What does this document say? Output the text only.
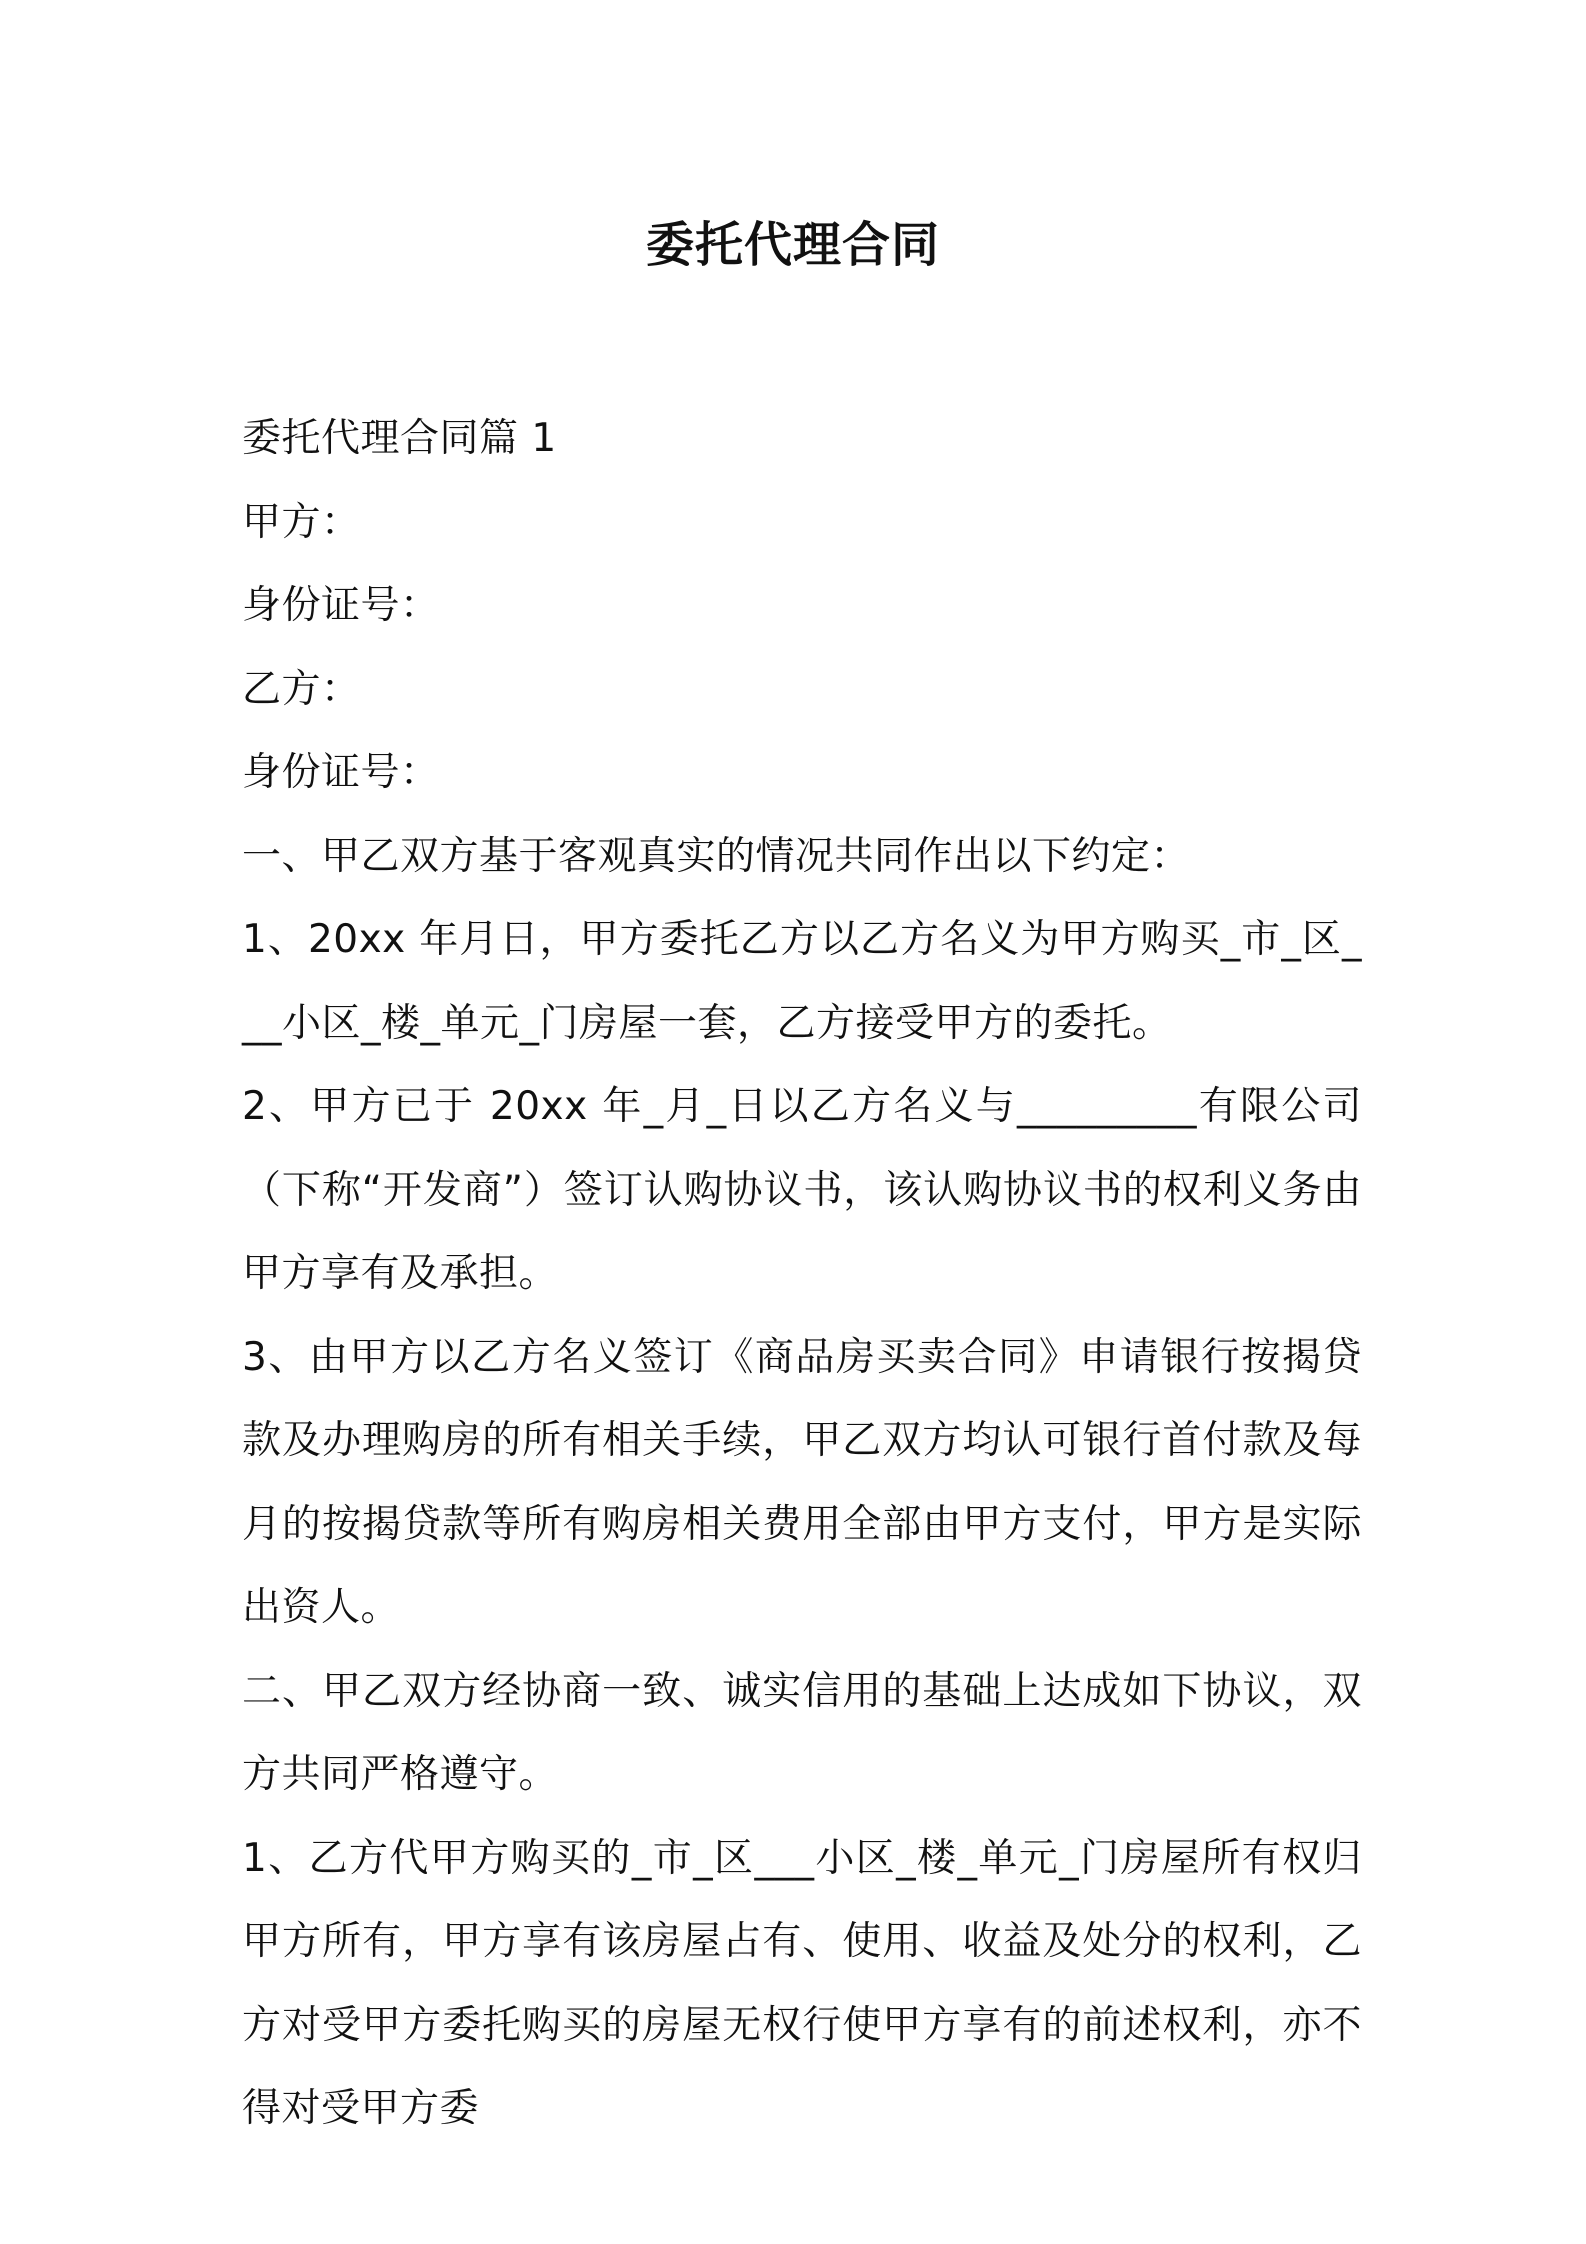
委托代理合同

委托代理合同篇 1

甲方：

身份证号：

乙方：

身份证号：

一、甲乙双方基于客观真实的情况共同作出以下约定：

1、20xx 年月日，甲方委托乙方以乙方名义为甲方购买_市_区___小区_楼_单元_门房屋一套，乙方接受甲方的委托。

2、甲方已于 20xx 年_月_日以乙方名义与_________有限公司（下称“开发商”）签订认购协议书，该认购协议书的权利义务由甲方享有及承担。

3、由甲方以乙方名义签订《商品房买卖合同》申请银行按揭贷款及办理购房的所有相关手续，甲乙双方均认可银行首付款及每月的按揭贷款等所有购房相关费用全部由甲方支付，甲方是实际出资人。

二、甲乙双方经协商一致、诚实信用的基础上达成如下协议，双方共同严格遵守。

1、乙方代甲方购买的_市_区___小区_楼_单元_门房屋所有权归甲方所有，甲方享有该房屋占有、使用、收益及处分的权利，乙方对受甲方委托购买的房屋无权行使甲方享有的前述权利，亦不得对受甲方委
